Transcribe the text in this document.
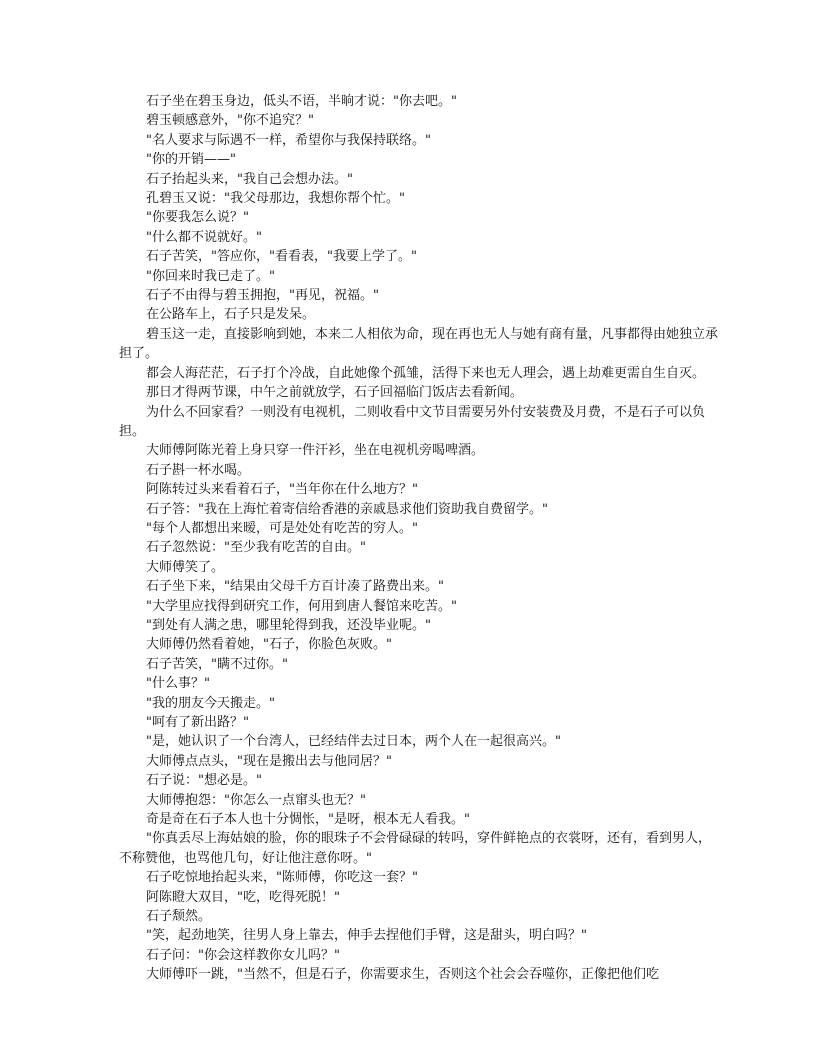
石子坐在碧玉身边，低头不语，半晌才说："你去吧。"

碧玉顿感意外，"你不追究？"

"名人要求与际遇不一样，希望你与我保持联络。"

"你的开销——"

石子抬起头来，"我自己会想办法。"

孔碧玉又说："我父母那边，我想你帮个忙。"

"你要我怎么说？"

"什么都不说就好。"

石子苦笑，"答应你，"看看表，"我要上学了。"

"你回来时我已走了。"

石子不由得与碧玉拥抱，"再见，祝福。"

在公路车上，石子只是发呆。

碧玉这一走，直接影响到她，本来二人相依为命，现在再也无人与她有商有量，凡事都得由她独立承担了。

都会人海茫茫，石子打个冷战，自此她像个孤雏，活得下来也无人理会，遇上劫难更需自生自灭。

那日才得两节课，中午之前就放学，石子回福临门饭店去看新闻。

为什么不回家看？一则没有电视机，二则收看中文节目需要另外付安装费及月费，不是石子可以负担。

大师傅阿陈光着上身只穿一件汗衫，坐在电视机旁喝啤酒。

石子斟一杯水喝。

阿陈转过头来看着石子，"当年你在什么地方？"

石子答："我在上海忙着寄信给香港的亲戚恳求他们资助我自费留学。"

"每个人都想出来暧，可是处处有吃苦的穷人。"

石子忽然说："至少我有吃苦的自由。"

大师傅笑了。

石子坐下来，"结果由父母千方百计凑了路费出来。"

"大学里应找得到研究工作，何用到唐人餐馆来吃苦。"

"到处有人满之患，哪里轮得到我，还没毕业呢。"

大师傅仍然看着她，"石子，你脸色灰败。"

石子苦笑，"瞒不过你。"

"什么事？"

"我的朋友今天搬走。"

"呵有了新出路？"

"是，她认识了一个台湾人，已经结伴去过日本，两个人在一起很高兴。"

大师傅点点头，"现在是搬出去与他同居？"

石子说："想必是。"

大师傅抱怨："你怎么一点窜头也无？"

奇是奇在石子本人也十分惆怅，"是呀，根本无人看我。"

"你真丢尽上海姑娘的脸，你的眼珠子不会骨碌碌的转吗，穿件鲜艳点的衣裳呀，还有，看到男人，不称赞他，也骂他几句，好让他注意你呀。"

石子吃惊地抬起头来，"陈师傅，你吃这一套？"

阿陈瞪大双目，"吃，吃得死脱！"

石子颓然。

"笑，起劲地笑，往男人身上靠去，伸手去捏他们手臂，这是甜头，明白吗？"

石子问："你会这样教你女儿吗？"

大师傅吓一跳，"当然不，但是石子，你需要求生，否则这个社会会吞噬你，正像把他们吃
